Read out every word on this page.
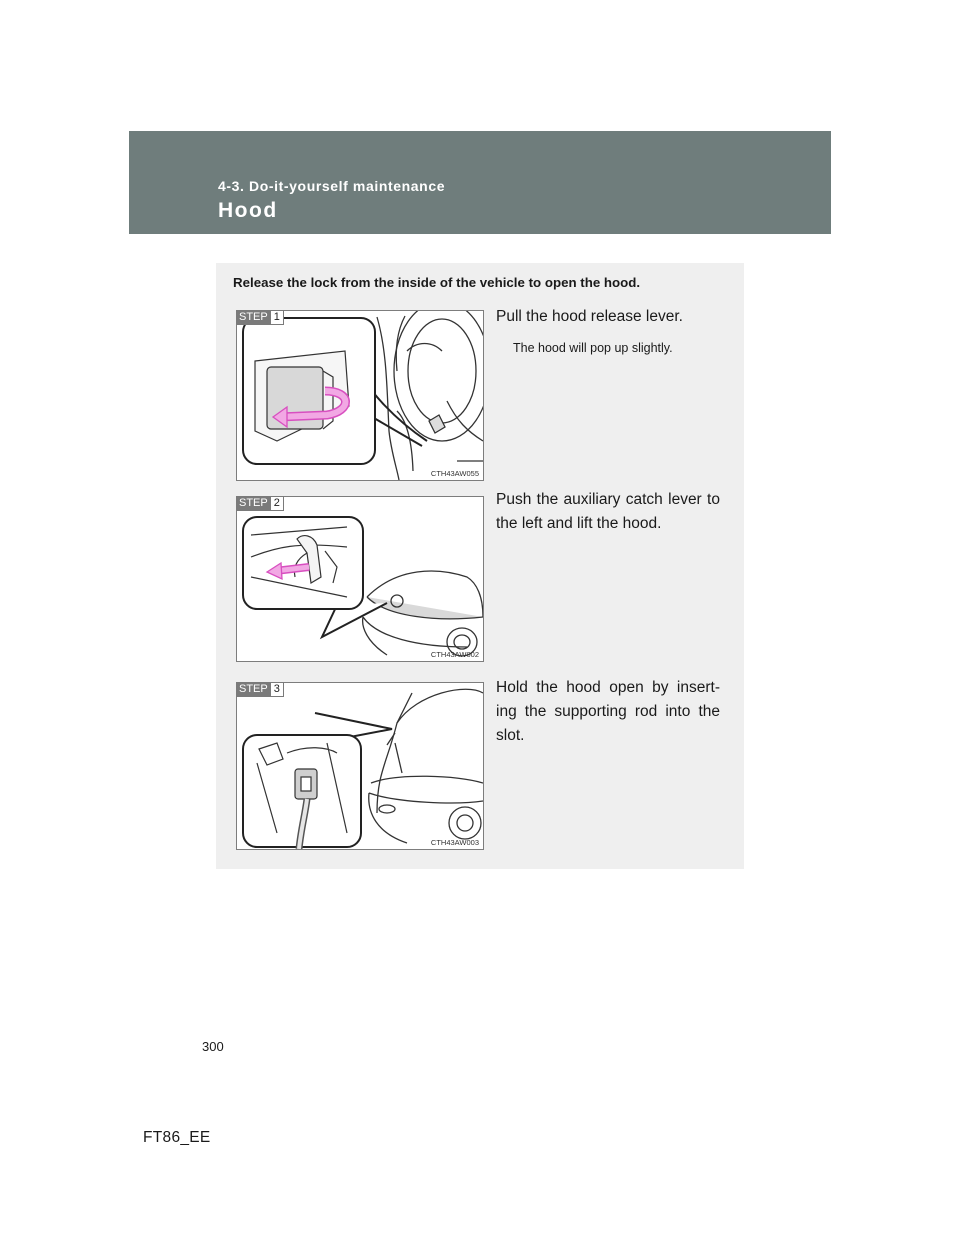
4-3. Do-it-yourself maintenance
Hood
Release the lock from the inside of the vehicle to open the hood.
STEP 1
CTH43AW055
Pull the hood release lever.
The hood will pop up slightly.
STEP 2
CTH43AW002
Push the auxiliary catch lever to the left and lift the hood.
STEP 3
CTH43AW003
Hold the hood open by insert-ing the supporting rod into the slot.
300
FT86_EE
